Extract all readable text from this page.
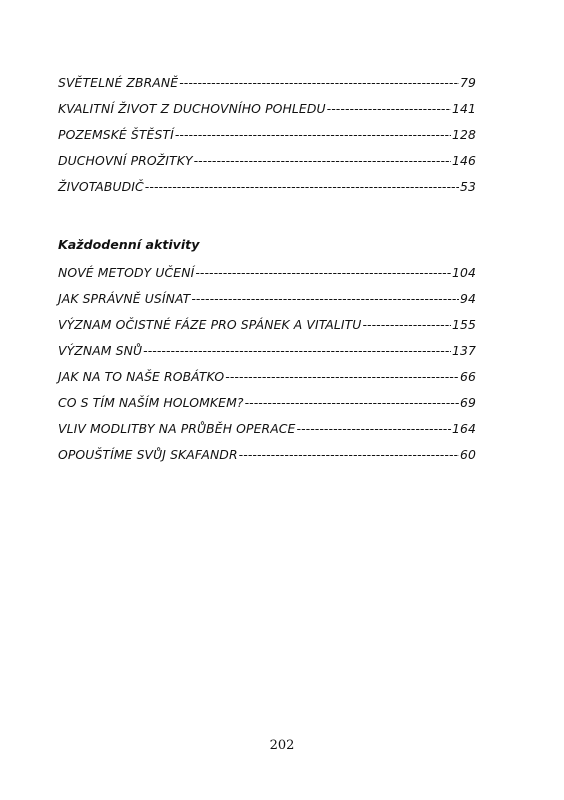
SVĚTELNÉ ZBRANĚ -----	79
KVALITNÍ ŽIVOT Z DUCHOVNÍHO POHLEDU -----	141
POZEMSKÉ ŠTĚSTÍ -----	128
DUCHOVNÍ PROŽITKY -----	146
ŽIVOTABUDIČ -----	53
Každodenní aktivity
NOVÉ METODY UČENÍ -----	104
JAK SPRÁVNĚ USÍNAT -----	94
VÝZNAM OČISTNÉ FÁZE PRO SPÁNEK A VITALITU -----	155
VÝZNAM SNŮ -----	137
JAK NA TO NAŠE ROBÁTKO -----	66
CO S TÍM NAŠÍM HOLOMKEM? -----	69
VLIV MODLITBY NA PRŮBĚH OPERACE -----	164
OPOUŠTÍME SVŮJ SKAFANDR -----	60
202
